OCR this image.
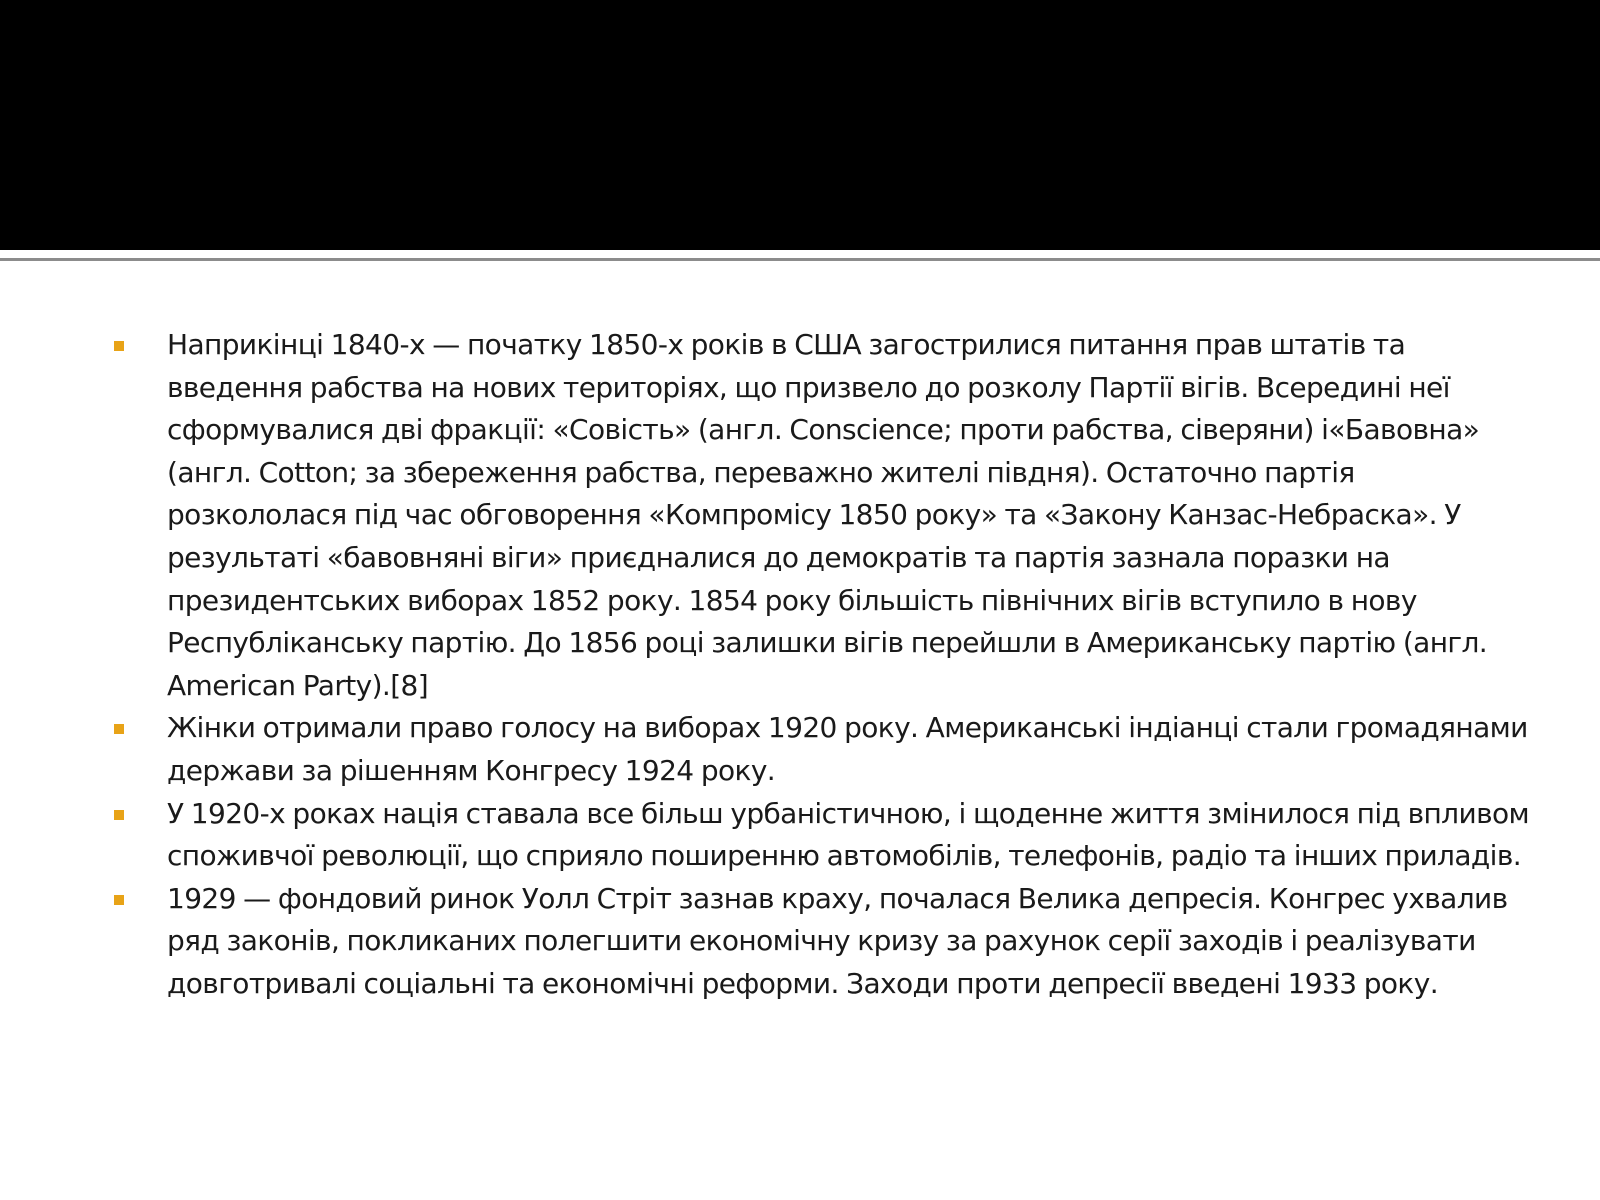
Наприкінці 1840-х — початку 1850-х років в США загострилися питання прав штатів та введення рабства на нових територіях, що призвело до розколу Партії вігів. Всередині неї сформувалися дві фракції: «Совість» (англ. Conscience; проти рабства, сіверяни) і«Бавовна» (англ. Cotton; за збереження рабства, переважно жителі півдня). Остаточно партія розкололася під час обговорення «Компромісу 1850 року» та «Закону Канзас-Небраска». У результаті «бавовняні віги» приєдналися до демократів та партія зазнала поразки на президентських виборах 1852 року. 1854 року більшість північних вігів вступило в нову Республіканську партію. До 1856 році залишки вігів перейшли в Американську партію (англ. American Party).[8]
Жінки отримали право голосу на виборах 1920 року. Американські індіанці стали громадянами держави за рішенням Конгресу 1924 року.
У 1920-х роках нація ставала все більш урбаністичною, і щоденне життя змінилося під впливом споживчої революції, що сприяло поширенню автомобілів, телефонів, радіо та інших приладів.
1929 — фондовий ринок Уолл Стріт зазнав краху, почалася Велика депресія. Конгрес ухвалив ряд законів, покликаних полегшити економічну кризу за рахунок серії заходів і реалізувати довготривалі соціальні та економічні реформи. Заходи проти депресії введені 1933 року.
